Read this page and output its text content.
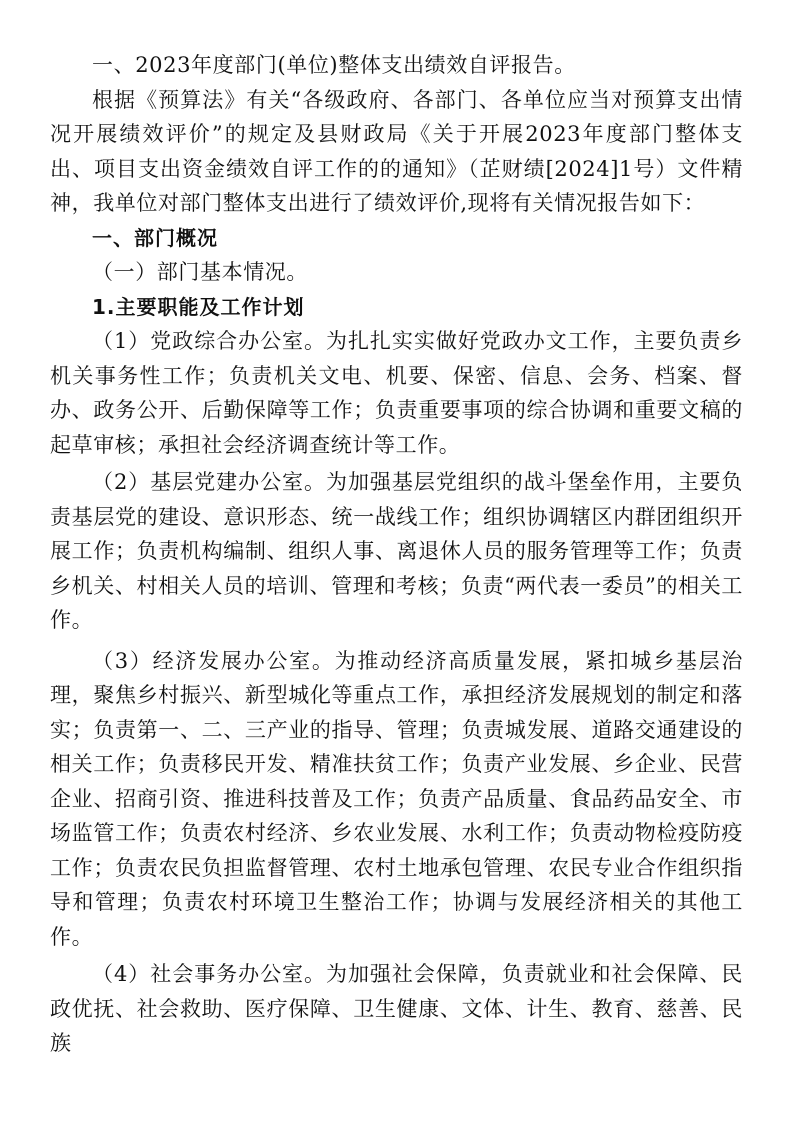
一、2023年度部门(单位)整体支出绩效自评报告。

根据《预算法》有关“各级政府、各部门、各单位应当对预算支出情况开展绩效评价”的规定及县财政局《关于开展2023年度部门整体支出、项目支出资金绩效自评工作的的通知》（芷财绩[2024]1号）文件精神，我单位对部门整体支出进行了绩效评价,现将有关情况报告如下：

一、部门概况

（一）部门基本情况。

1.主要职能及工作计划

（1）党政综合办公室。为扎扎实实做好党政办文工作，主要负责乡机关事务性工作；负责机关文电、机要、保密、信息、会务、档案、督办、政务公开、后勤保障等工作；负责重要事项的综合协调和重要文稿的起草审核；承担社会经济调查统计等工作。

（2）基层党建办公室。为加强基层党组织的战斗堡垒作用，主要负责基层党的建设、意识形态、统一战线工作；组织协调辖区内群团组织开展工作；负责机构编制、组织人事、离退休人员的服务管理等工作；负责乡机关、村相关人员的培训、管理和考核；负责“两代表一委员”的相关工作。

（3）经济发展办公室。为推动经济高质量发展，紧扣城乡基层治理，聚焦乡村振兴、新型城化等重点工作，承担经济发展规划的制定和落实；负责第一、二、三产业的指导、管理；负责城发展、道路交通建设的相关工作；负责移民开发、精准扶贫工作；负责产业发展、乡企业、民营企业、招商引资、推进科技普及工作；负责产品质量、食品药品安全、市场监管工作；负责农村经济、乡农业发展、水利工作；负责动物检疫防疫工作；负责农民负担监督管理、农村土地承包管理、农民专业合作组织指导和管理；负责农村环境卫生整治工作；协调与发展经济相关的其他工作。

（4）社会事务办公室。为加强社会保障，负责就业和社会保障、民政优抚、社会救助、医疗保障、卫生健康、文体、计生、教育、慈善、民族
